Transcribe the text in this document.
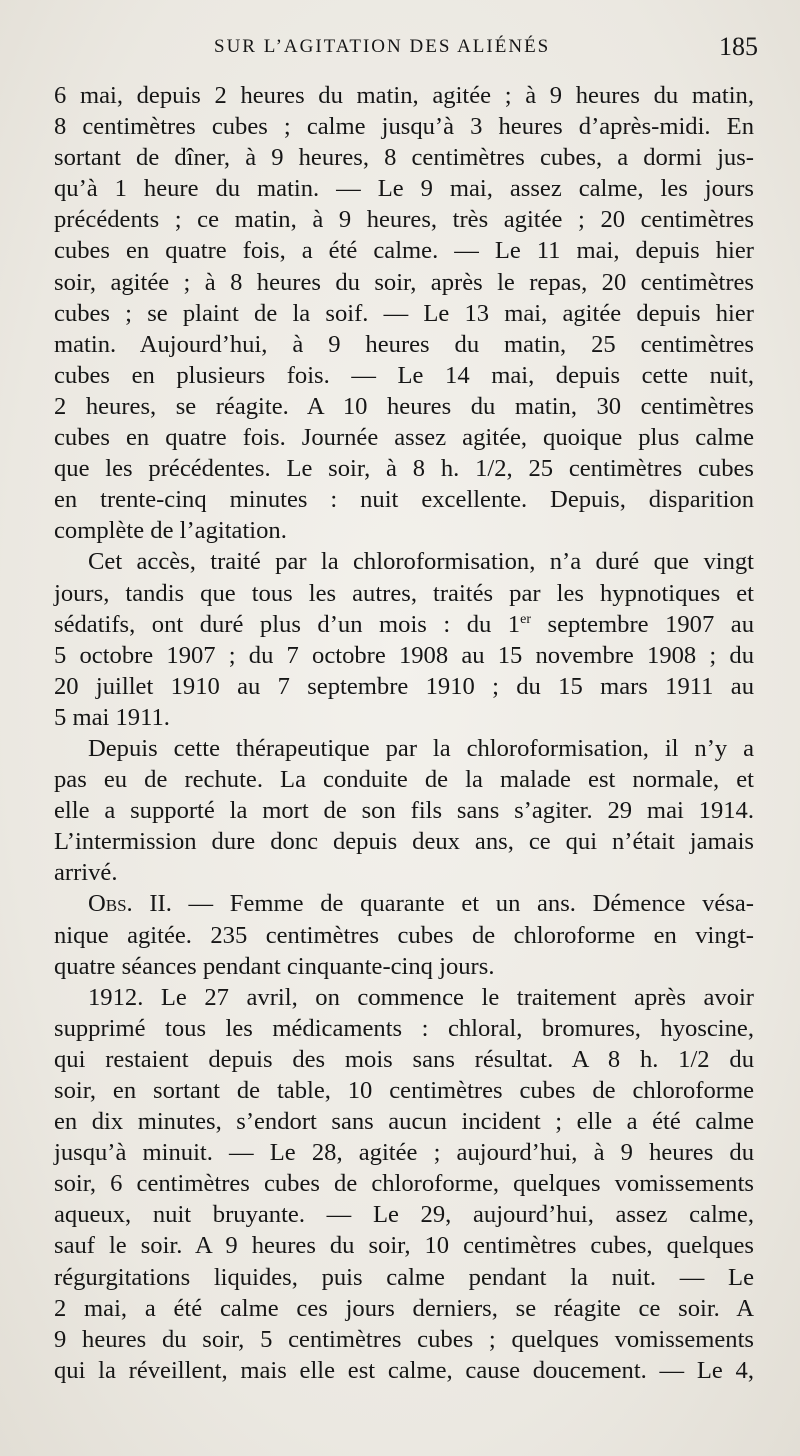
SUR L’AGITATION DES ALIÉNÉS	185
6 mai, depuis 2 heures du matin, agitée ; à 9 heures du matin,
8 centimètres cubes ; calme jusqu’à 3 heures d’après-midi. En
sortant de dîner, à 9 heures, 8 centimètres cubes, a dormi jus-
qu’à 1 heure du matin. — Le 9 mai, assez calme, les jours
précédents ; ce matin, à 9 heures, très agitée ; 20 centimètres
cubes en quatre fois, a été calme. — Le 11 mai, depuis hier
soir, agitée ; à 8 heures du soir, après le repas, 20 centimètres
cubes ; se plaint de la soif. — Le 13 mai, agitée depuis hier
matin. Aujourd’hui, à 9 heures du matin, 25 centimètres
cubes en plusieurs fois. — Le 14 mai, depuis cette nuit,
2 heures, se réagite. A 10 heures du matin, 30 centimètres
cubes en quatre fois. Journée assez agitée, quoique plus calme
que les précédentes. Le soir, à 8 h. 1/2, 25 centimètres cubes
en trente-cinq minutes : nuit excellente. Depuis, disparition
complète de l’agitation.
Cet accès, traité par la chloroformisation, n’a duré que vingt
jours, tandis que tous les autres, traités par les hypnotiques et
sédatifs, ont duré plus d’un mois : du 1er septembre 1907 au
5 octobre 1907 ; du 7 octobre 1908 au 15 novembre 1908 ; du
20 juillet 1910 au 7 septembre 1910 ; du 15 mars 1911 au
5 mai 1911.
Depuis cette thérapeutique par la chloroformisation, il n’y a
pas eu de rechute. La conduite de la malade est normale, et
elle a supporté la mort de son fils sans s’agiter. 29 mai 1914.
L’intermission dure donc depuis deux ans, ce qui n’était jamais
arrivé.
Obs. II. — Femme de quarante et un ans. Démence vésa-
nique agitée. 235 centimètres cubes de chloroforme en vingt-
quatre séances pendant cinquante-cinq jours.
1912. Le 27 avril, on commence le traitement après avoir
supprimé tous les médicaments : chloral, bromures, hyoscine,
qui restaient depuis des mois sans résultat. A 8 h. 1/2 du
soir, en sortant de table, 10 centimètres cubes de chloroforme
en dix minutes, s’endort sans aucun incident ; elle a été calme
jusqu’à minuit. — Le 28, agitée ; aujourd’hui, à 9 heures du
soir, 6 centimètres cubes de chloroforme, quelques vomissements
aqueux, nuit bruyante. — Le 29, aujourd’hui, assez calme,
sauf le soir. A 9 heures du soir, 10 centimètres cubes, quelques
régurgitations liquides, puis calme pendant la nuit. — Le
2 mai, a été calme ces jours derniers, se réagite ce soir. A
9 heures du soir, 5 centimètres cubes ; quelques vomissements
qui la réveillent, mais elle est calme, cause doucement. — Le 4,
